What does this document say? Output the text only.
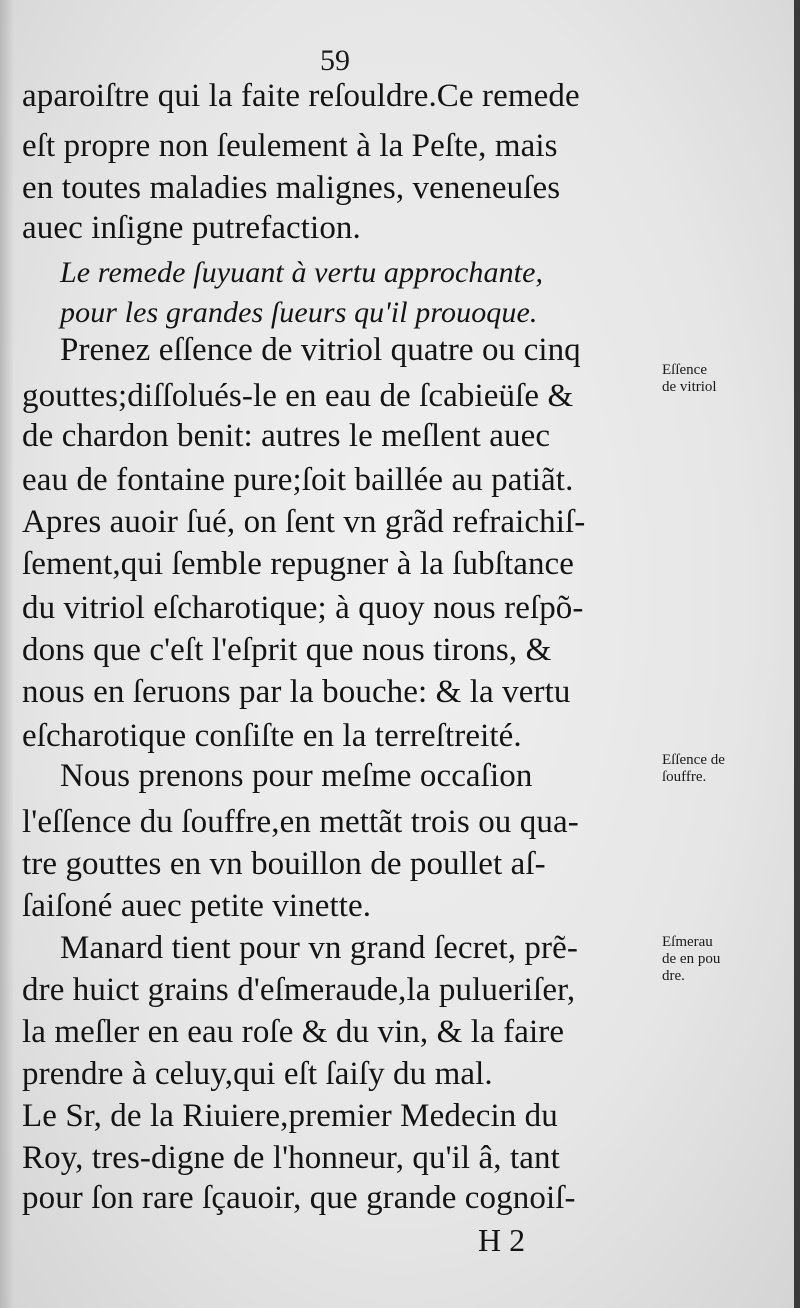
59
aparoiſtre qui la faite reſouldre.Ce remede
eſt propre non ſeulement à la Peſte, mais
en toutes maladies malignes, veneneuſes
auec inſigne putrefaction.
Le remede ſuyuant à vertu approchante,
pour les grandes ſueurs qu'il prouoque.
Prenez eſſence de vitriol quatre ou cinq
gouttes;diſſolués-le en eau de ſcabieüſe &
de chardon benit: autres le meſlent auec
eau de fontaine pure;ſoit baillée au patiãt.
Apres auoir ſué, on ſent vn grãd refraichiſ-
ſement,qui ſemble repugner à la ſubſtance
du vitriol eſcharotique; à quoy nous reſpõ-
dons que c'eſt l'eſprit que nous tirons, &
nous en ſeruons par la bouche: & la vertu
eſcharotique conſiſte en la terreſtreité.
Nous prenons pour meſme occaſion
l'eſſence du ſouffre,en mettãt trois ou qua-
tre gouttes en vn bouillon de poullet aſ-
ſaiſoné auec petite vinette.
Manard tient pour vn grand ſecret, prẽ-
dre huict grains d'eſmeraude,la pulueriſer,
la meſler en eau roſe & du vin, & la faire
prendre à celuy,qui eſt ſaiſy du mal.
Le Sr, de la Riuiere,premier Medecin du
Roy, tres-digne de l'honneur, qu'il â, tant
pour ſon rare ſçauoir, que grande cognoiſ-
Eſſence
de vitriol
Eſſence de
ſouffre.
Eſmerau
de en pou
dre.
H 2
